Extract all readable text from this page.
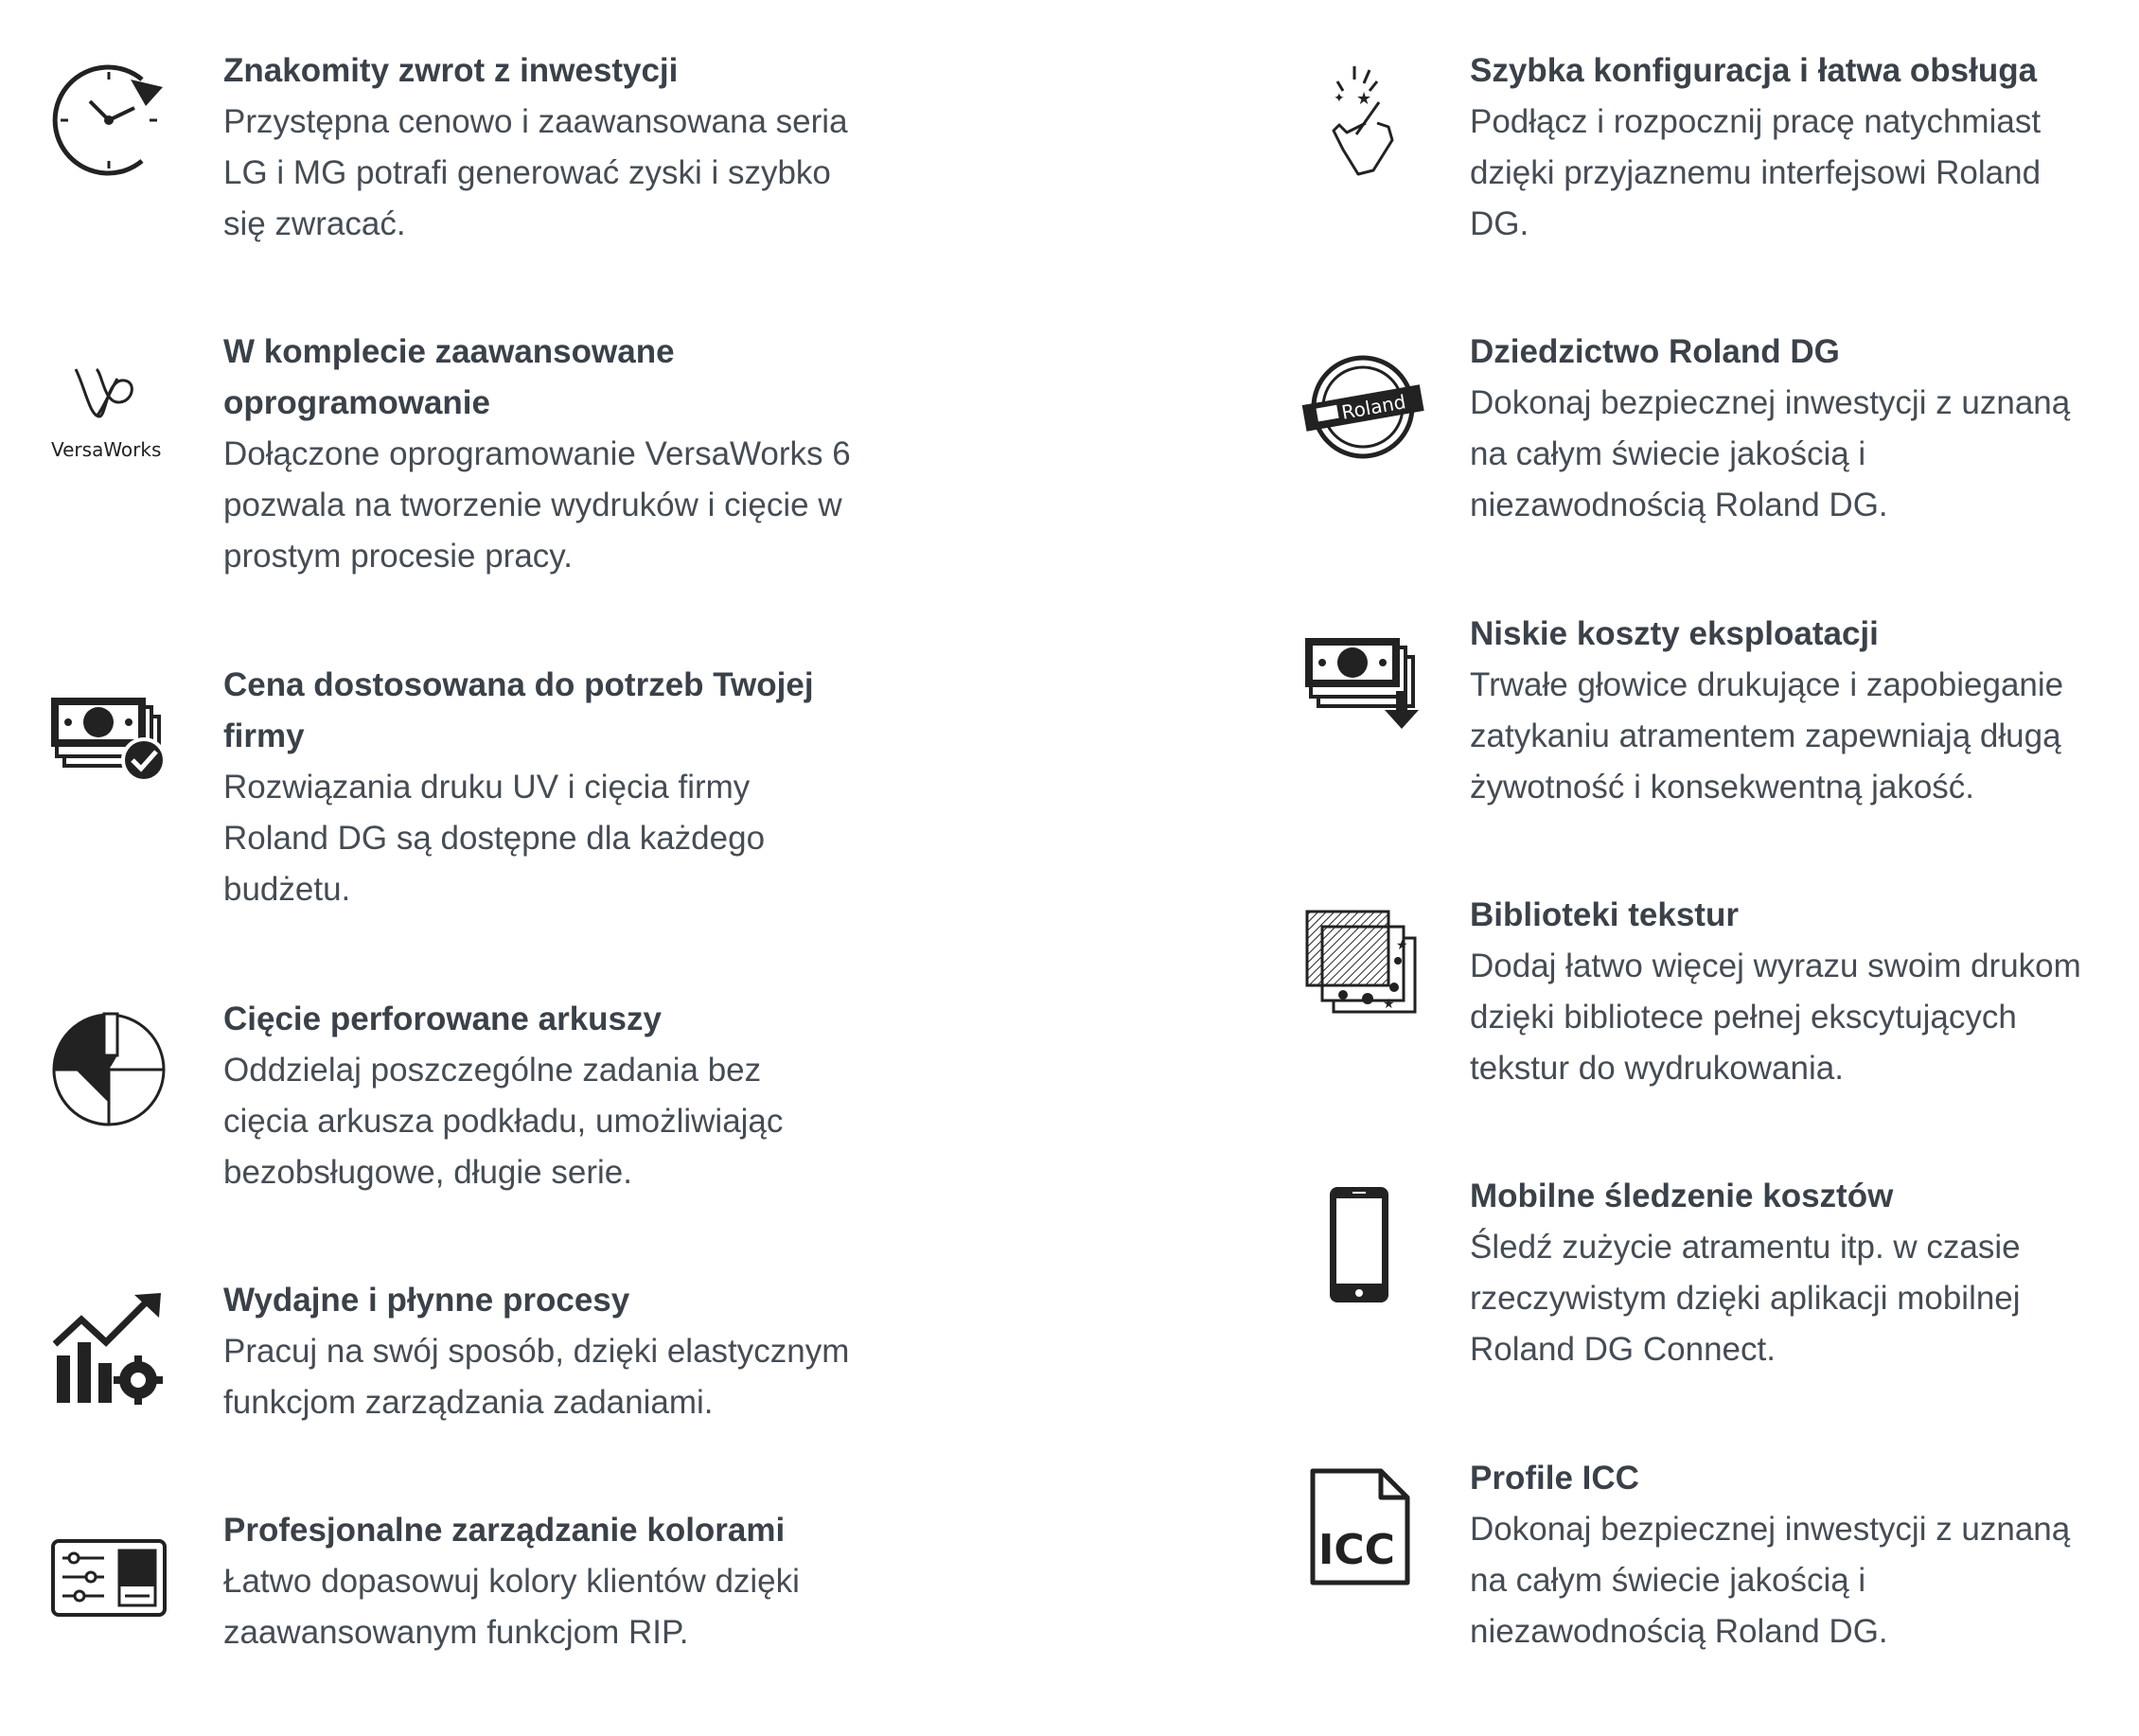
Znakomity zwrot z inwestycji
Przystępna cenowo i zaawansowana seria
LG i MG potrafi generować zyski i szybko
się zwracać.
W komplecie zaawansowane
oprogramowanie
Dołączone oprogramowanie VersaWorks 6
pozwala na tworzenie wydruków i cięcie w
prostym procesie pracy.
VersaWorks
Cena dostosowana do potrzeb Twojej
firmy
Rozwiązania druku UV i cięcia firmy
Roland DG są dostępne dla każdego
budżetu.
Cięcie perforowane arkuszy
Oddzielaj poszczególne zadania bez
cięcia arkusza podkładu, umożliwiając
bezobsługowe, długie serie.
Wydajne i płynne procesy
Pracuj na swój sposób, dzięki elastycznym
funkcjom zarządzania zadaniami.
Profesjonalne zarządzanie kolorami
Łatwo dopasowuj kolory klientów dzięki
zaawansowanym funkcjom RIP.
Szybka konfiguracja i łatwa obsługa
Podłącz i rozpocznij pracę natychmiast
dzięki przyjaznemu interfejsowi Roland
DG.
★
✦
Dziedzictwo Roland DG
Dokonaj bezpiecznej inwestycji z uznaną
na całym świecie jakością i
niezawodnością Roland DG.
Roland
Niskie koszty eksploatacji
Trwałe głowice drukujące i zapobieganie
zatykaniu atramentem zapewniają długą
żywotność i konsekwentną jakość.
Biblioteki tekstur
Dodaj łatwo więcej wyrazu swoim drukom
dzięki bibliotece pełnej ekscytujących
tekstur do wydrukowania.
★
★
Mobilne śledzenie kosztów
Śledź zużycie atramentu itp. w czasie
rzeczywistym dzięki aplikacji mobilnej
Roland DG Connect.
Profile ICC
Dokonaj bezpiecznej inwestycji z uznaną
na całym świecie jakością i
niezawodnością Roland DG.
ICC
